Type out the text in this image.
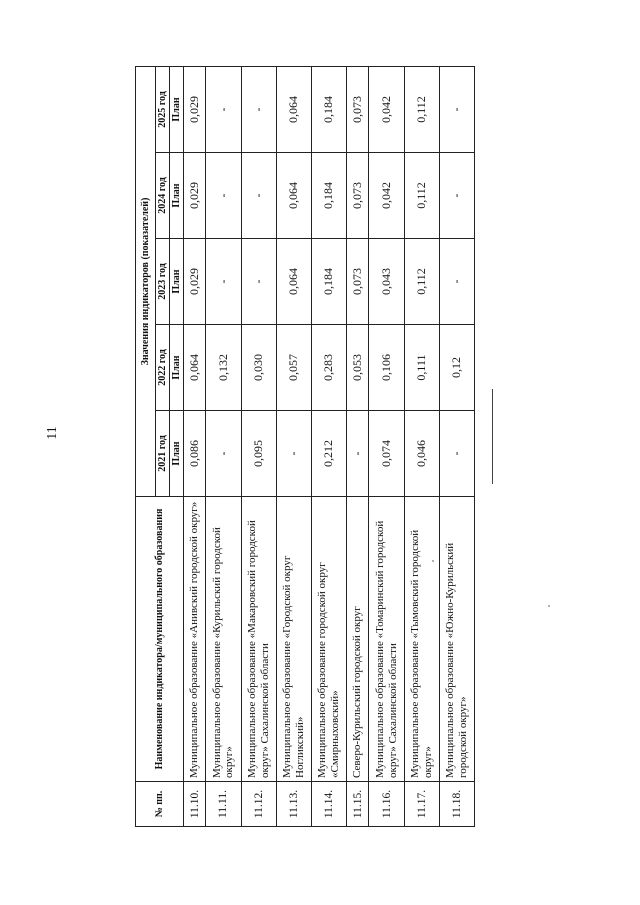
11
№ пп.	Наименование индикатора/муниципального образования	Значения индикаторов (показателей)				
		2021 год	2022 год	2023 год	2024 год	2025 год
		План	План	План	План	План
11.10.	Муниципальное образование «Анивский городской округ»	0,086	0,064	0,029	0,029	0,029
11.11.	Муниципальное образование «Курильский городской округ»	-	0,132	-	-	-
11.12.	Муниципальное образование «Макаровский городской округ» Сахалинской области	0,095	0,030	-	-	-
11.13.	Муниципальное образование «Городской округ Ногликский»	-	0,057	0,064	0,064	0,064
11.14.	Муниципальное образование городской округ «Смирныховский»	0,212	0,283	0,184	0,184	0,184
11.15.	Северо-Курильский городской округ	-	0,053	0,073	0,073	0,073
11.16.	Муниципальное образование «Томаринский городской округ» Сахалинской области	0,074	0,106	0,043	0,042	0,042
11.17.	Муниципальное образование «Тымовский городской округ»	0,046	0,111	0,112	0,112	0,112
11.18.	Муниципальное образование «Южно-Курильский городской округ»	-	0,12	-	-	-
